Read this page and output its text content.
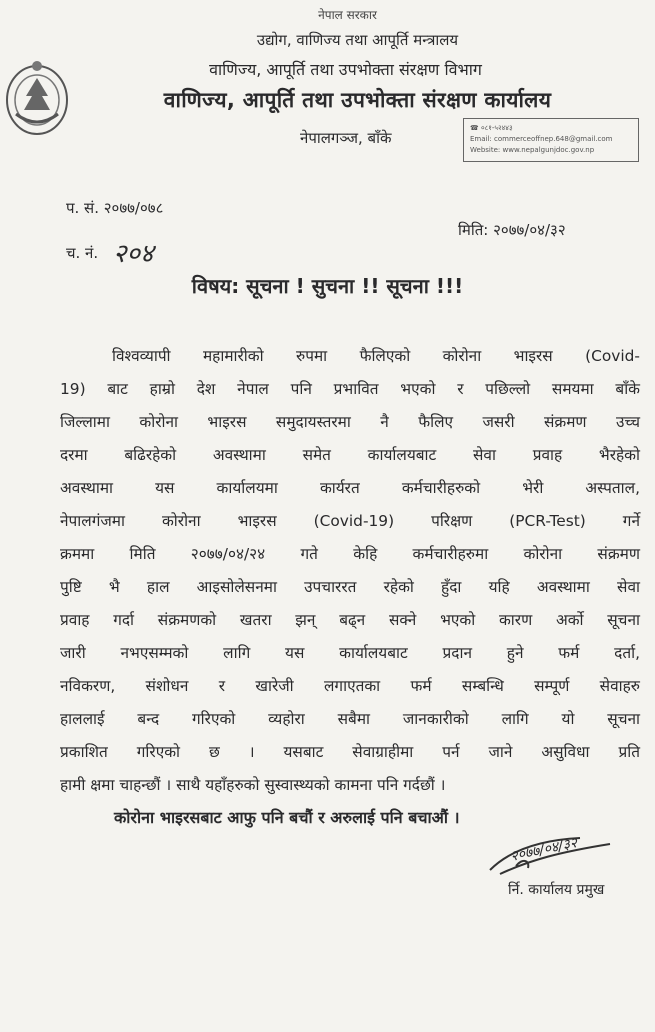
नेपाल सरकार
उद्योग, वाणिज्य तथा आपूर्ति मन्त्रालय
वाणिज्य, आपूर्ति तथा उपभोक्ता संरक्षण विभाग
वाणिज्य, आपूर्ति तथा उपभोक्ता संरक्षण कार्यालय
नेपालगञ्ज, बाँके
☎ ०८१-५२४४३
Email: commerceoffnep.648@gmail.com
Website: www.nepalgunjdoc.gov.np
प. सं. २०७७/०७८
च. नं. २०४
मिति: २०७७/०४/३२
विषय: सूचना ! सुचना !! सूचना !!!
विश्वव्यापी महामारीको रुपमा फैलिएको कोरोना भाइरस (Covid-
19) बाट हाम्रो देश नेपाल पनि प्रभावित भएको र पछिल्लो समयमा बाँके
जिल्लामा कोरोना भाइरस समुदायस्तरमा नै फैलिए जसरी संक्रमण उच्च
दरमा बढिरहेको अवस्थामा समेत कार्यालयबाट सेवा प्रवाह भैरहेको
अवस्थामा यस कार्यालयमा कार्यरत कर्मचारीहरुको भेरी अस्पताल,
नेपालगंजमा कोरोना भाइरस (Covid-19) परिक्षण (PCR-Test) गर्ने
क्रममा मिति २०७७/०४/२४ गते केहि कर्मचारीहरुमा कोरोना संक्रमण
पुष्टि भै हाल आइसोलेसनमा उपचाररत रहेको हुँदा यहि अवस्थामा सेवा
प्रवाह गर्दा संक्रमणको खतरा झन् बढ्न सक्ने भएको कारण अर्को सूचना
जारी नभएसम्मको लागि यस कार्यालयबाट प्रदान हुने फर्म दर्ता,
नविकरण, संशोधन र खारेजी लगाएतका फर्म सम्बन्धि सम्पूर्ण सेवाहरु
हाललाई बन्द गरिएको व्यहोरा सबैमा जानकारीको लागि यो सूचना
प्रकाशित गरिएको छ । यसबाट सेवाग्राहीमा पर्न जाने असुविधा प्रति
हामी क्षमा चाहन्छौं । साथै यहाँहरुको सुस्वास्थ्यको कामना पनि गर्दछौं ।
कोरोना भाइरसबाट आफु पनि बचौं र अरुलाई पनि बचाऔं ।
२०७७/०४/३२
र्नि. कार्यालय प्रमुख
